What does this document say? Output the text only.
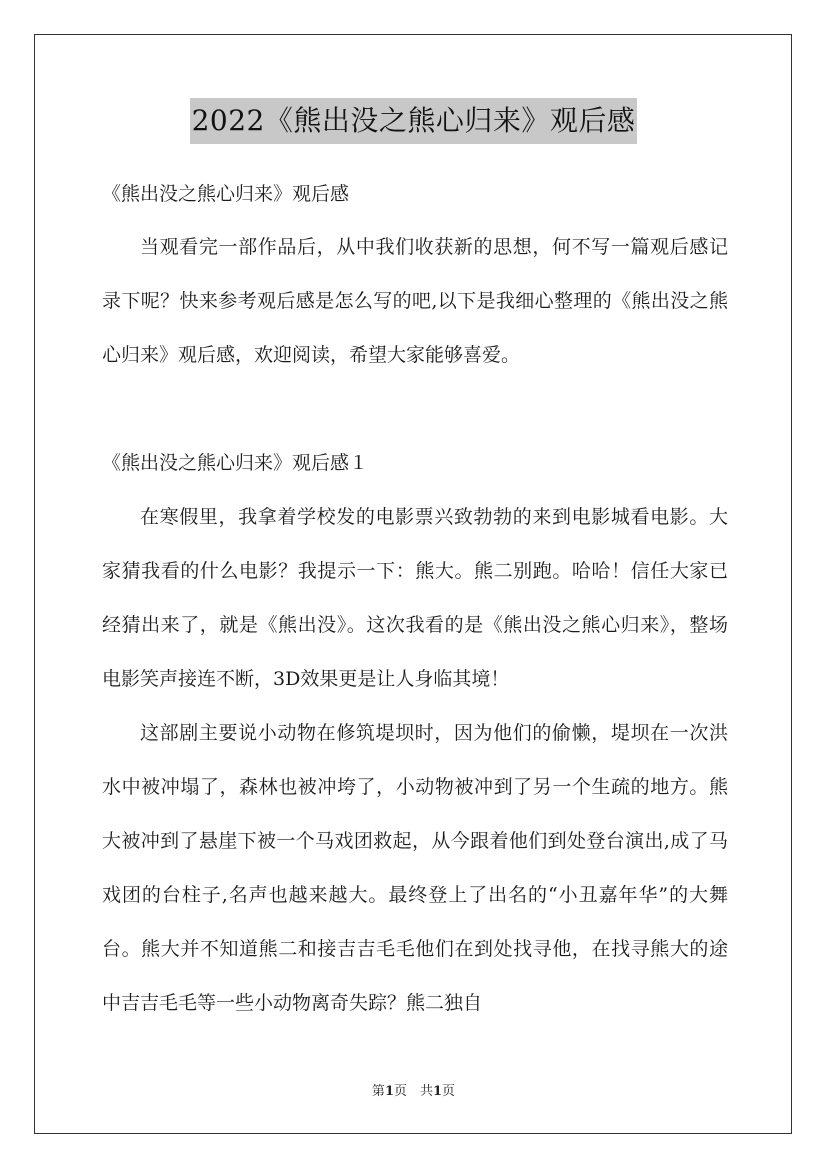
2022《熊出没之熊心归来》观后感

《熊出没之熊心归来》观后感

当观看完一部作品后，从中我们收获新的思想，何不写一篇观后感记录下呢？快来参考观后感是怎么写的吧,以下是我细心整理的《熊出没之熊心归来》观后感，欢迎阅读，希望大家能够喜爱。

《熊出没之熊心归来》观后感１

在寒假里，我拿着学校发的电影票兴致勃勃的来到电影城看电影。大家猜我看的什么电影？我提示一下：熊大。熊二别跑。哈哈！信任大家已经猜出来了，就是《熊出没》。这次我看的是《熊出没之熊心归来》，整场电影笑声接连不断，3D效果更是让人身临其境！

这部剧主要说小动物在修筑堤坝时，因为他们的偷懒，堤坝在一次洪水中被冲塌了，森林也被冲垮了，小动物被冲到了另一个生疏的地方。熊大被冲到了悬崖下被一个马戏团救起，从今跟着他们到处登台演出,成了马戏团的台柱子,名声也越来越大。最终登上了出名的“小丑嘉年华”的大舞台。熊大并不知道熊二和接吉吉毛毛他们在到处找寻他，在找寻熊大的途中吉吉毛毛等一些小动物离奇失踪？熊二独自

第1页　共1页
